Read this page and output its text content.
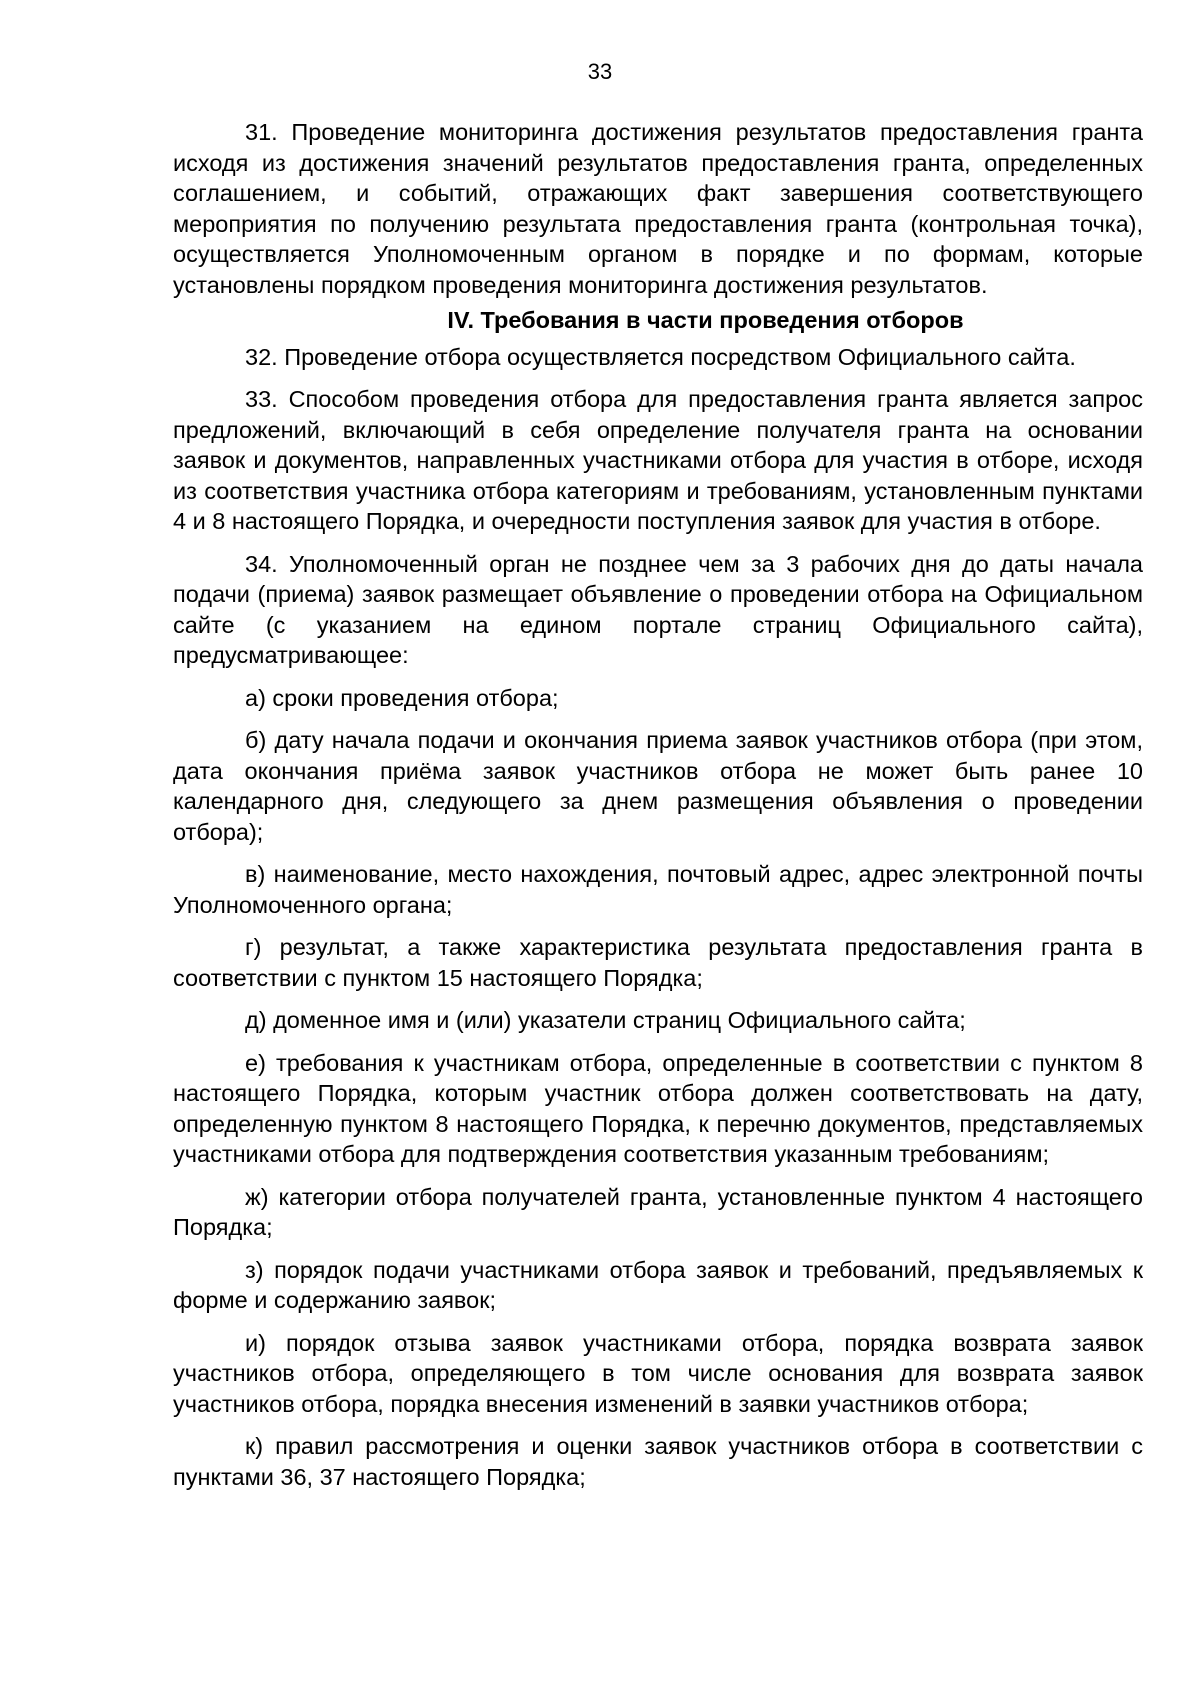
33

31. Проведение мониторинга достижения результатов предоставления гранта исходя из достижения значений результатов предоставления гранта, определенных соглашением, и событий, отражающих факт завершения соответствующего мероприятия по получению результата предоставления гранта (контрольная точка), осуществляется Уполномоченным органом в порядке и по формам, которые установлены порядком проведения мониторинга достижения результатов.

IV. Требования в части проведения отборов

32. Проведение отбора осуществляется посредством Официального сайта.

33. Способом проведения отбора для предоставления гранта является запрос предложений, включающий в себя определение получателя гранта на основании заявок и документов, направленных участниками отбора для участия в отборе, исходя из соответствия участника отбора категориям и требованиям, установленным пунктами 4 и 8 настоящего Порядка, и очередности поступления заявок для участия в отборе.

34. Уполномоченный орган не позднее чем за 3 рабочих дня до даты начала подачи (приема) заявок размещает объявление о проведении отбора на Официальном сайте (с указанием на едином портале страниц Официального сайта), предусматривающее:

а) сроки проведения отбора;

б) дату начала подачи и окончания приема заявок участников отбора (при этом, дата окончания приёма заявок участников отбора не может быть ранее 10 календарного дня, следующего за днем размещения объявления о проведении отбора);

в) наименование, место нахождения, почтовый адрес, адрес электронной почты Уполномоченного органа;

г) результат, а также характеристика результата предоставления гранта в соответствии с пунктом 15 настоящего Порядка;

д) доменное имя и (или) указатели страниц Официального сайта;

е) требования к участникам отбора, определенные в соответствии с пунктом 8 настоящего Порядка, которым участник отбора должен соответствовать на дату, определенную пунктом 8 настоящего Порядка, к перечню документов, представляемых участниками отбора для подтверждения соответствия указанным требованиям;

ж) категории отбора получателей гранта, установленные пунктом 4 настоящего Порядка;

з) порядок подачи участниками отбора заявок и требований, предъявляемых к форме и содержанию заявок;

и) порядок отзыва заявок участниками отбора, порядка возврата заявок участников отбора, определяющего в том числе основания для возврата заявок участников отбора, порядка внесения изменений в заявки участников отбора;

к) правил рассмотрения и оценки заявок участников отбора в соответствии с пунктами 36, 37 настоящего Порядка;
